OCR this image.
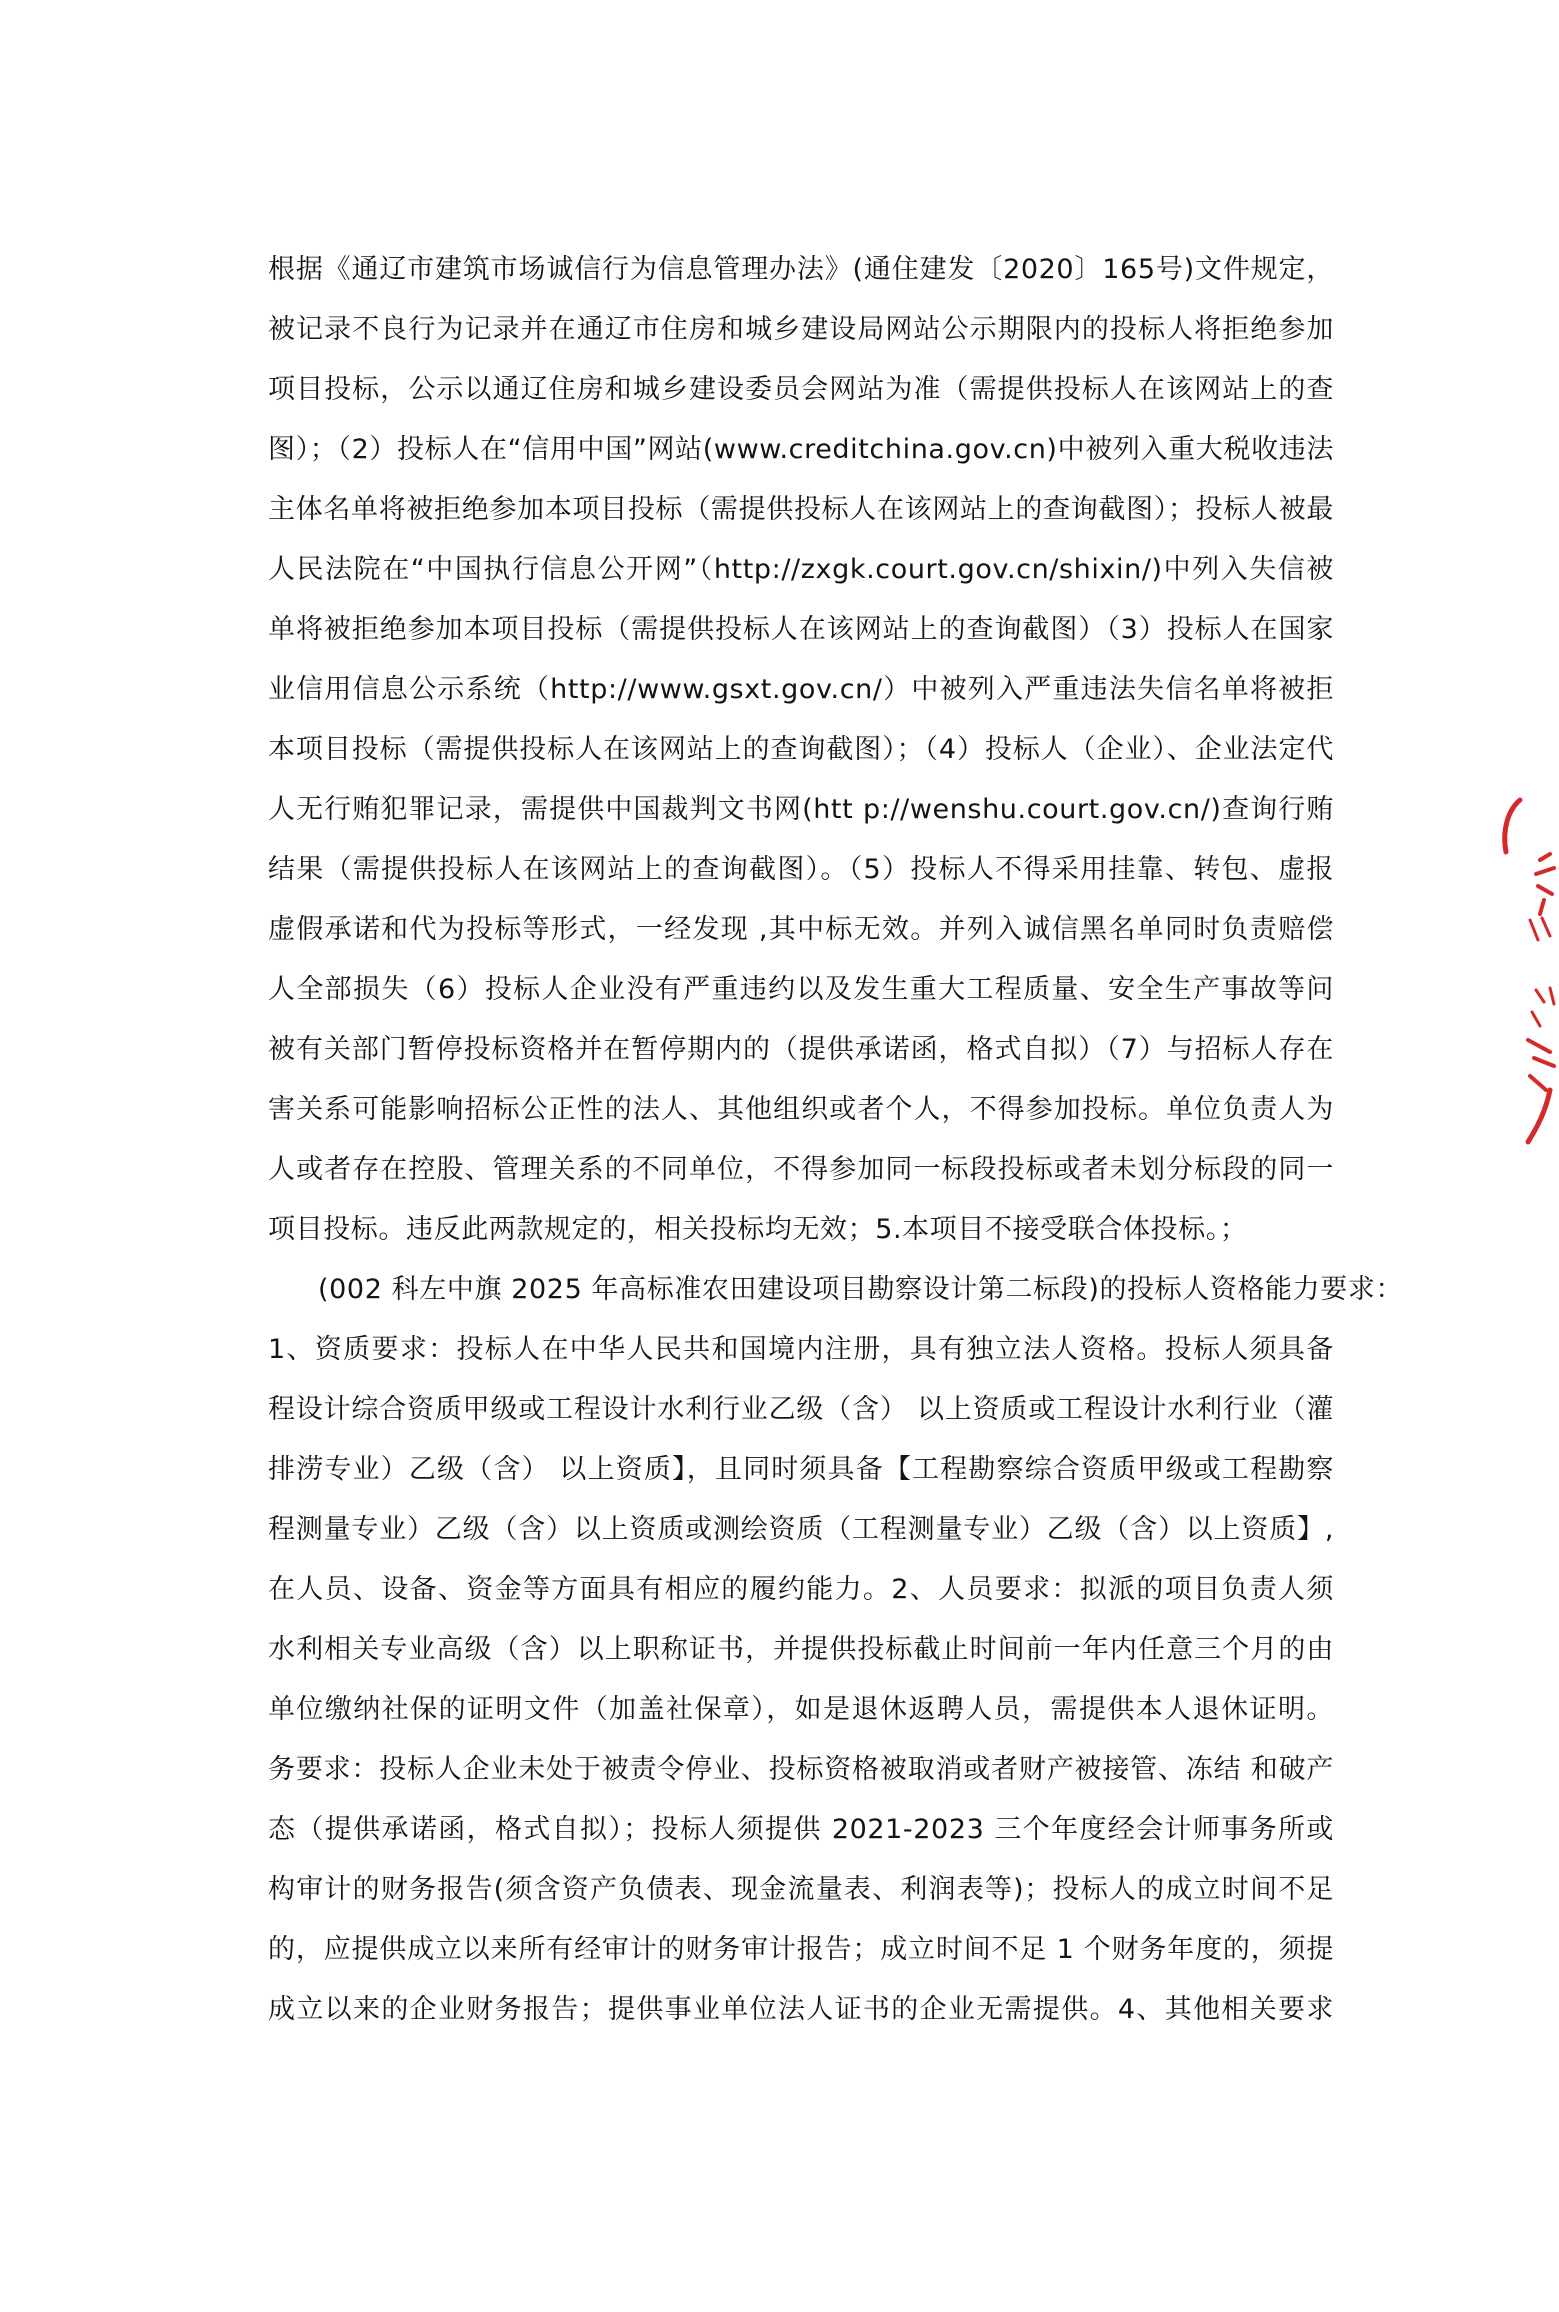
根据《通辽市建筑市场诚信行为信息管理办法》(通住建发〔2020〕165号)文件规定，
被记录不良行为记录并在通辽市住房和城乡建设局网站公示期限内的投标人将拒绝参加
项目投标，公示以通辽住房和城乡建设委员会网站为准（需提供投标人在该网站上的查
图）；（2）投标人在“信用中国”网站(www.creditchina.gov.cn)中被列入重大税收违法
主体名单将被拒绝参加本项目投标（需提供投标人在该网站上的查询截图）；投标人被最
人民法院在“中国执行信息公开网”（http://zxgk.court.gov.cn/shixin/)中列入失信被
单将被拒绝参加本项目投标（需提供投标人在该网站上的查询截图）（3）投标人在国家
业信用信息公示系统（http://www.gsxt.gov.cn/）中被列入严重违法失信名单将被拒
本项目投标（需提供投标人在该网站上的查询截图）；（4）投标人（企业）、企业法定代
人无行贿犯罪记录，需提供中国裁判文书网(htt p://wenshu.court.gov.cn/)查询行贿
结果（需提供投标人在该网站上的查询截图）。（5）投标人不得采用挂靠、转包、虚报
虚假承诺和代为投标等形式，一经发现 ,其中标无效。并列入诚信黑名单同时负责赔偿
人全部损失（6）投标人企业没有严重违约以及发生重大工程质量、安全生产事故等问
被有关部门暂停投标资格并在暂停期内的（提供承诺函，格式自拟）（7）与招标人存在
害关系可能影响招标公正性的法人、其他组织或者个人，不得参加投标。单位负责人为
人或者存在控股、管理关系的不同单位，不得参加同一标段投标或者未划分标段的同一
项目投标。违反此两款规定的，相关投标均无效；5.本项目不接受联合体投标。；
(002 科左中旗 2025 年高标准农田建设项目勘察设计第二标段)的投标人资格能力要求：
1、资质要求：投标人在中华人民共和国境内注册，具有独立法人资格。投标人须具备
程设计综合资质甲级或工程设计水利行业乙级（含） 以上资质或工程设计水利行业（灌
排涝专业）乙级（含） 以上资质】，且同时须具备【工程勘察综合资质甲级或工程勘察
程测量专业）乙级（含）以上资质或测绘资质（工程测量专业）乙级（含）以上资质】,
在人员、设备、资金等方面具有相应的履约能力。2、人员要求：拟派的项目负责人须
水利相关专业高级（含）以上职称证书，并提供投标截止时间前一年内任意三个月的由
单位缴纳社保的证明文件（加盖社保章），如是退休返聘人员，需提供本人退休证明。
务要求：投标人企业未处于被责令停业、投标资格被取消或者财产被接管、冻结 和破产
态（提供承诺函，格式自拟）；投标人须提供 2021-2023 三个年度经会计师事务所或
构审计的财务报告(须含资产负债表、现金流量表、利润表等)；投标人的成立时间不足
的，应提供成立以来所有经审计的财务审计报告；成立时间不足 1 个财务年度的，须提
成立以来的企业财务报告；提供事业单位法人证书的企业无需提供。4、其他相关要求
